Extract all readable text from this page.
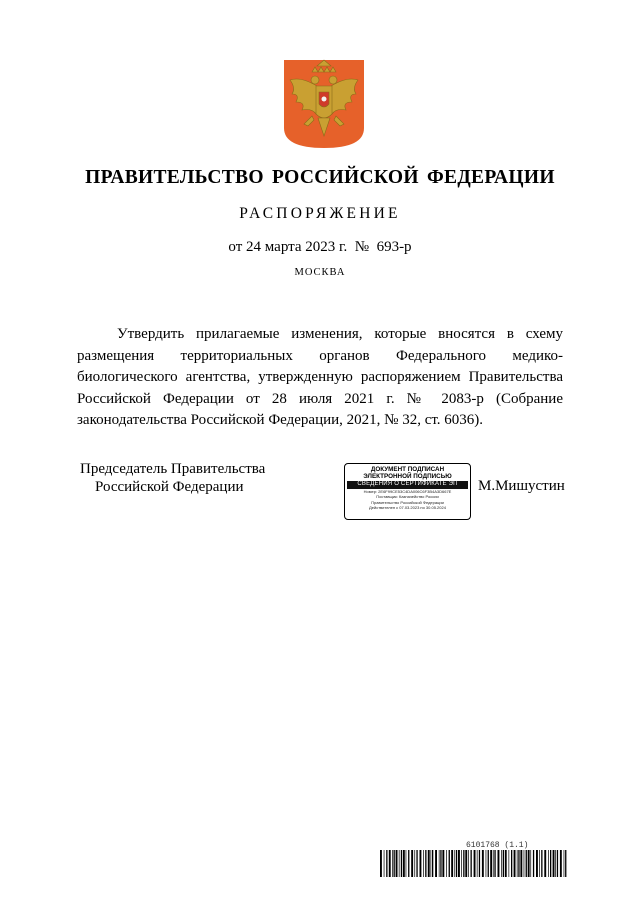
ПРАВИТЕЛЬСТВО РОССИЙСКОЙ ФЕДЕРАЦИИ
РАСПОРЯЖЕНИЕ
от 24 марта 2023 г. № 693-р
МОСКВА
Утвердить прилагаемые изменения, которые вносятся в схему размещения территориальных органов Федерального медико-биологического агентства, утвержденную распоряжением Правительства Российской Федерации от 28 июля 2021 г. № 2083-р (Собрание законодательства Российской Федерации, 2021, № 32, ст. 6036).
Председатель Правительства
Российской Федерации
ДОКУМЕНТ ПОДПИСАН
ЭЛЕКТРОННОЙ ПОДПИСЬЮ
СВЕДЕНИЯ О СЕРТИФИКАТЕ ЭП
Номер: 2E6F99CE53C4DA006C6F3B4A3D667E
Поставщик: Казначейство России
Правительство Российской Федерации
Действителен с 07.03.2023 по 30.05.2024
М.Мишустин
6101768 (1.1)
